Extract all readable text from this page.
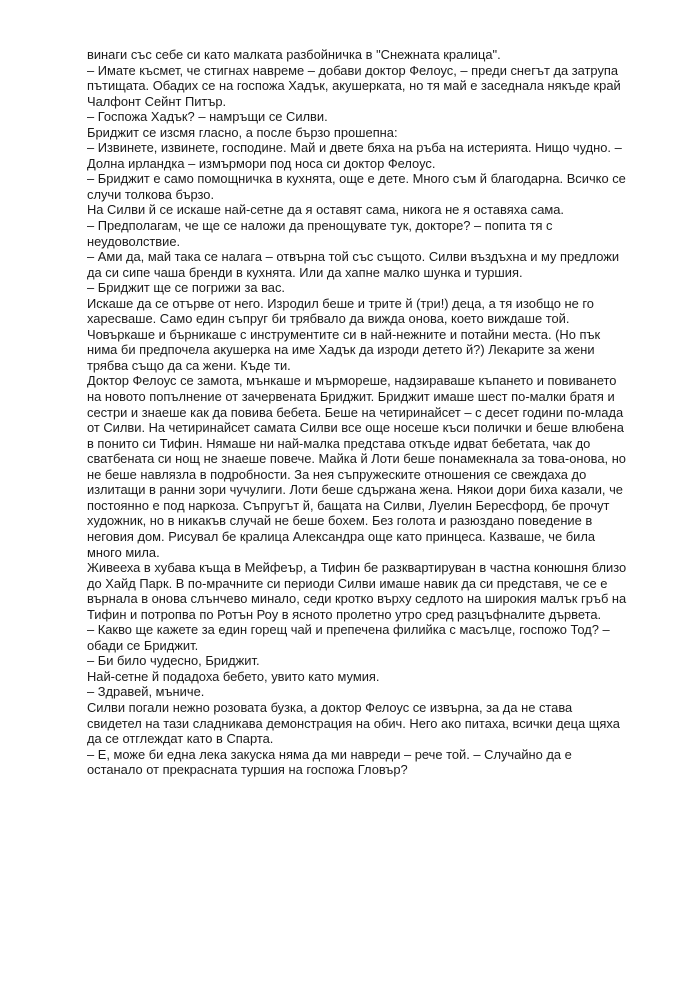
винаги със себе си като малката разбойничка в "Снежната кралица".

– Имате късмет, че стигнах навреме – добави доктор Фелоус, – преди снегът да затрупа пътищата. Обадих се на госпожа Хадък, акушерката, но тя май е заседнала някъде край Чалфонт Сейнт Питър.

– Госпожа Хадък? – намръщи се Силви.

Бриджит се изсмя гласно, а после бързо прошепна:

– Извинете, извинете, господине. Май и двете бяха на ръба на истерията. Нищо чудно. – Долна ирландка – измърмори под носа си доктор Фелоус.

– Бриджит е само помощничка в кухнята, още е дете. Много съм й благодарна. Всичко се случи толкова бързо.

На Силви й се искаше най-сетне да я оставят сама, никога не я оставяха сама.

– Предполагам, че ще се наложи да пренощувате тук, докторе? – попита тя с неудоволствие.

– Ами да, май така се налага – отвърна той със същото. Силви въздъхна и му предложи да си сипе чаша бренди в кухнята. Или да хапне малко шунка и туршия.

– Бриджит ще се погрижи за вас.

Искаше да се отърве от него. Изродил беше и трите й (три!) деца, а тя изобщо не го харесваше. Само един съпруг би трябвало да вижда онова, което виждаше той. Човъркаше и бърникаше с инструментите си в най-нежните и потайни места. (Но пък нима би предпочела акушерка на име Хадък да изроди детето й?) Лекарите за жени трябва също да са жени. Къде ти.

Доктор Фелоус се замота, мънкаше и мърмореше, надзираваше къпането и повиването на новото попълнение от зачервената Бриджит. Бриджит имаше шест по-малки братя и сестри и знаеше как да повива бебета. Беше на четиринайсет – с десет години по-млада от Силви. На четиринайсет самата Силви все още носеше къси полички и беше влюбена в понито си Тифин. Нямаше ни най-малка представа откъде идват бебетата, чак до сватбената си нощ не знаеше повече. Майка й Лоти беше понамекнала за това-онова, но не беше навлязла в подробности. За нея съпружеските отношения се свеждаха до излитащи в ранни зори чучулиги. Лоти беше сдържана жена. Някои дори биха казали, че постоянно е под наркоза. Съпругът й, бащата на Силви, Луелин Бересфорд, бе прочут художник, но в никакъв случай не беше бохем. Без голота и разюздано поведение в неговия дом. Рисувал бе кралица Александра още като принцеса. Казваше, че била много мила.

Живееха в хубава къща в Мейфеър, а Тифин бе разквартируван в частна конюшня близо до Хайд Парк. В по-мрачните си периоди Силви имаше навик да си представя, че се е върнала в онова слънчево минало, седи кротко върху седлото на широкия малък гръб на Тифин и потропва по Ротън Роу в ясното пролетно утро сред разцъфналите дървета.

– Какво ще кажете за един горещ чай и препечена филийка с масълце, госпожо Тод? – обади се Бриджит.

– Би било чудесно, Бриджит.

Най-сетне й подадоха бебето, увито като мумия.

– Здравей, мъниче.

Силви погали нежно розовата бузка, а доктор Фелоус се извърна, за да не става свидетел на тази сладникава демонстрация на обич. Него ако питаха, всички деца щяха да се отглеждат като в Спарта.

– Е, може би една лека закуска няма да ми навреди – рече той. – Случайно да е останало от прекрасната туршия на госпожа Гловър?
